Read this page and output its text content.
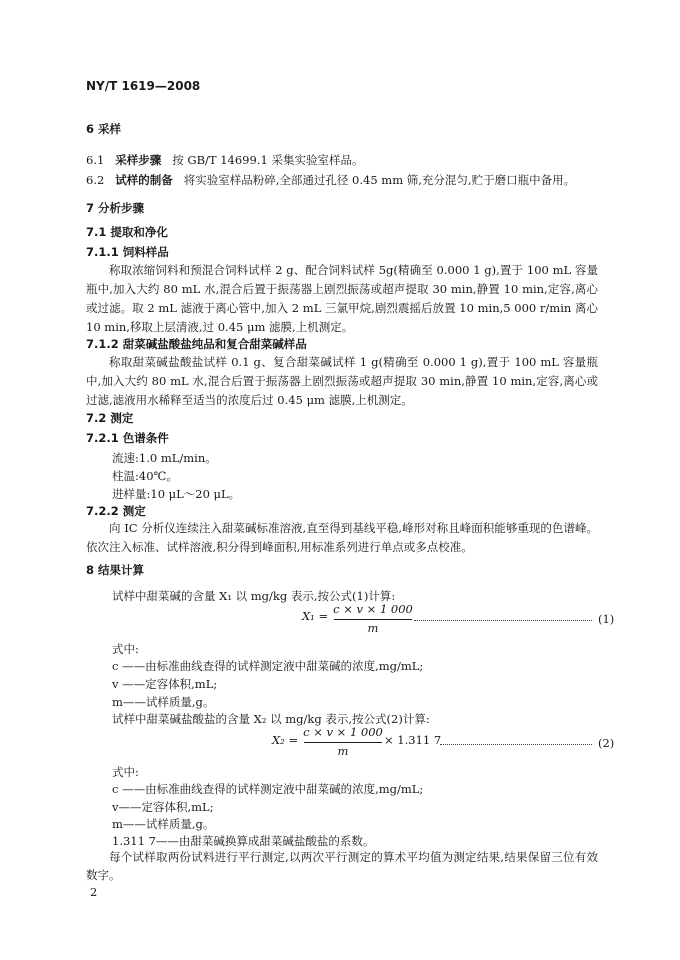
NY/T 1619—2008
6 采样
6.1 采样步骤 按 GB/T 14699.1 采集实验室样品。
6.2 试样的制备 将实验室样品粉碎,全部通过孔径 0.45 mm 筛,充分混匀,贮于磨口瓶中备用。
7 分析步骤
7.1 提取和净化
7.1.1 饲料样品
称取浓缩饲料和预混合饲料试样 2 g、配合饲料试样 5g(精确至 0.000 1 g),置于 100 mL 容量瓶中,加入大约 80 mL 水,混合后置于振荡器上剧烈振荡或超声提取 30 min,静置 10 min,定容,离心或过滤。取 2 mL 滤液于离心管中,加入 2 mL 三氯甲烷,剧烈震摇后放置 10 min,5 000 r/min 离心 10 min,移取上层清液,过 0.45 μm 滤膜,上机测定。
7.1.2 甜菜碱盐酸盐纯品和复合甜菜碱样品
称取甜菜碱盐酸盐试样 0.1 g、复合甜菜碱试样 1 g(精确至 0.000 1 g),置于 100 mL 容量瓶中,加入大约 80 mL 水,混合后置于振荡器上剧烈振荡或超声提取 30 min,静置 10 min,定容,离心或过滤,滤液用水稀释至适当的浓度后过 0.45 μm 滤膜,上机测定。
7.2 测定
7.2.1 色谱条件
流速:1.0 mL/min。
柱温:40℃。
进样量:10 μL～20 μL。
7.2.2 测定
向 IC 分析仪连续注入甜菜碱标准溶液,直至得到基线平稳,峰形对称且峰面积能够重现的色谱峰。依次注入标准、试样溶液,积分得到峰面积,用标准系列进行单点或多点校准。
8 结果计算
试样中甜菜碱的含量 X₁ 以 mg/kg 表示,按公式(1)计算:
X₁ = c × v × 1 000
m
(1)
式中:
c ——由标准曲线查得的试样测定液中甜菜碱的浓度,mg/mL;
v ——定容体积,mL;
m——试样质量,g。
试样中甜菜碱盐酸盐的含量 X₂ 以 mg/kg 表示,按公式(2)计算:
X₂ =
c × v × 1 000
m
× 1.311 7	(2)
式中:
c ——由标准曲线查得的试样测定液中甜菜碱的浓度,mg/mL;
v——定容体积,mL;
m——试样质量,g。
1.311 7——由甜菜碱换算成甜菜碱盐酸盐的系数。
每个试样取两份试料进行平行测定,以两次平行测定的算术平均值为测定结果,结果保留三位有效数字。
2
